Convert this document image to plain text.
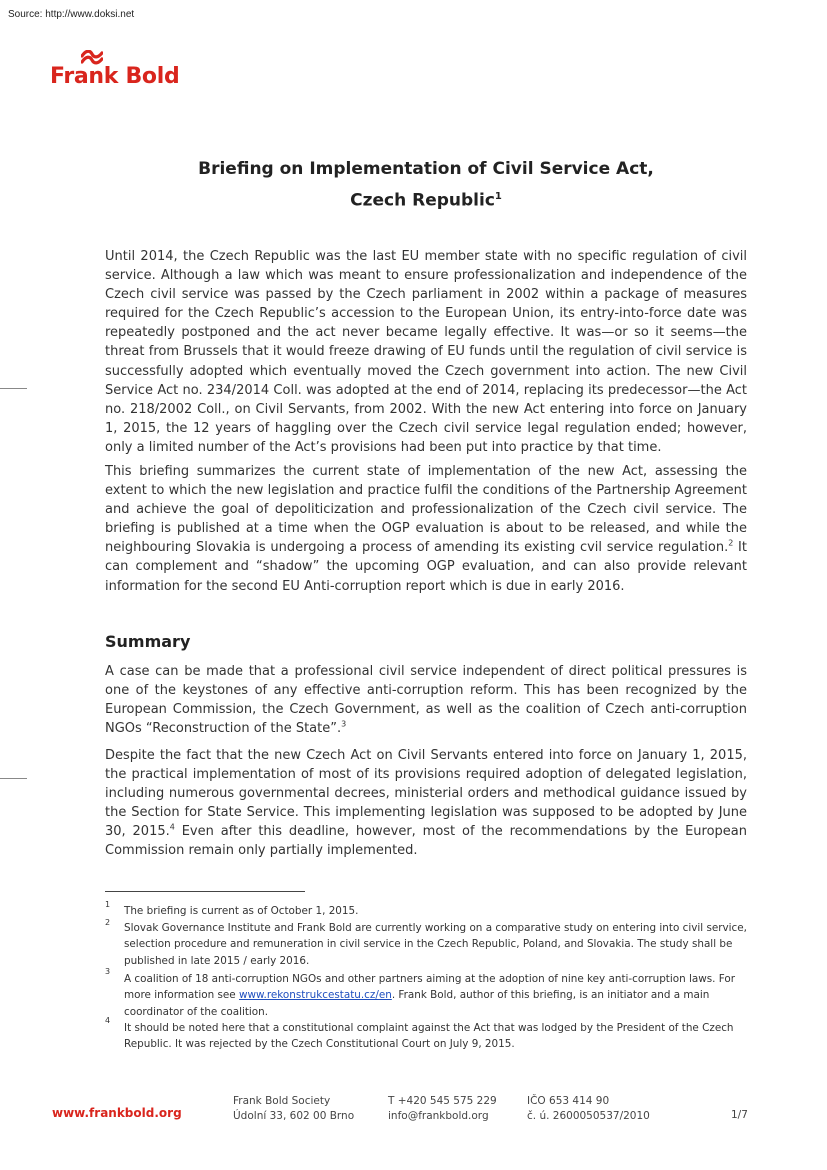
Source: http://www.doksi.net
Frank Bold
Briefing on Implementation of Civil Service Act,
Czech Republic$^1$

Until 2014, the Czech Republic was the last EU member state with no specific regulation of civil service. Although a law which was meant to ensure professionalization and independence of the Czech civil service was passed by the Czech parliament in 2002 within a package of measures required for the Czech Republic’s accession to the European Union, its entry-into-force date was repeatedly postponed and the act never became legally effective. It was—or so it seems—the threat from Brussels that it would freeze drawing of EU funds until the regulation of civil service is successfully adopted which eventually moved the Czech government into action. The new Civil Service Act no. 234/2014 Coll. was adopted at the end of 2014, replacing its predecessor—the Act no. 218/2002 Coll., on Civil Servants, from 2002. With the new Act entering into force on January 1, 2015, the 12 years of haggling over the Czech civil service legal regulation ended; however, only a limited number of the Act’s provisions had been put into practice by that time.

This briefing summarizes the current state of implementation of the new Act, assessing the extent to which the new legislation and practice fulfil the conditions of the Partnership Agreement and achieve the goal of depoliticization and professionalization of the Czech civil service. The briefing is published at a time when the OGP evaluation is about to be released, and while the neighbouring Slovakia is undergoing a process of amending its existing cvil service regulation.$^2$ It can complement and “shadow” the upcoming OGP evaluation, and can also provide relevant information for the second EU Anti-corruption report which is due in early 2016.

Summary

A case can be made that a professional civil service independent of direct political pressures is one of the keystones of any effective anti-corruption reform. This has been recognized by the European Commission, the Czech Government, as well as the coalition of Czech anti-corruption NGOs “Reconstruction of the State”.$^3$

Despite the fact that the new Czech Act on Civil Servants entered into force on January 1, 2015, the practical implementation of most of its provisions required adoption of delegated legislation, including numerous governmental decrees, ministerial orders and methodical guidance issued by the Section for State Service. This implementing legislation was supposed to be adopted by June 30, 2015.$^4$ Even after this deadline, however, most of the recommendations by the European Commission remain only partially implemented.

1

The briefing is current as of October 1, 2015.

2 Slovak Governance Institute and Frank Bold are currently working on a comparative study on entering into civil service, selection procedure and remuneration in civil service in the Czech Republic, Poland, and Slovakia. The study shall be published in late 2015 / early 2016.

3

A coalition of 18 anti-corruption NGOs and other partners aiming at the adoption of nine key anti-corruption laws. For more information see www.rekonstrukcestatu.cz/en. Frank Bold, author of this briefing, is an initiator and a main coordinator of the coalition.

4

It should be noted here that a constitutional complaint against the Act that was lodged by the President of the Czech Republic. It was rejected by the Czech Constitutional Court on July 9, 2015.

www.frankbold.org
Frank Bold Society
Údolní 33, 602 00 Brno
T +420 545 575 229
info@frankbold.org
IČO 653 414 90
č. ú. 2600050537/2010	1/7
